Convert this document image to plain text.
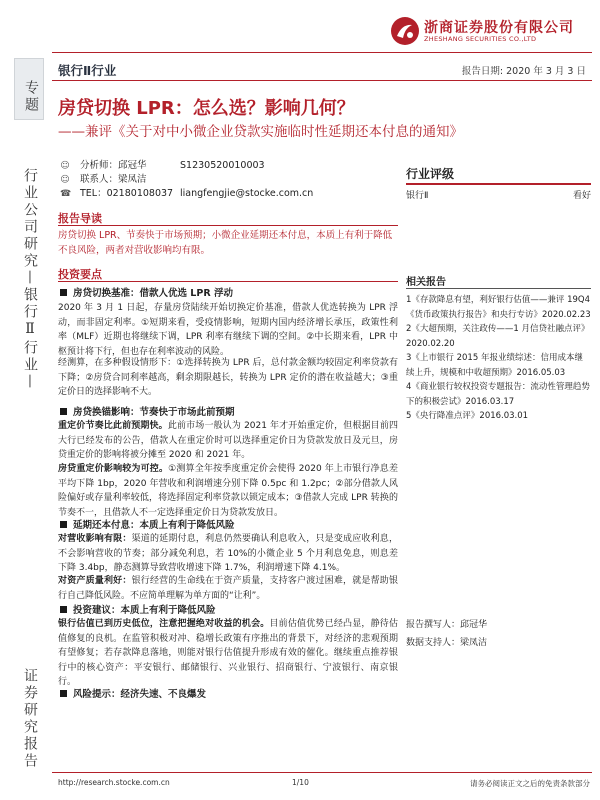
浙商证券股份有限公司
ZHESHANG SECURITIES CO.,LTD
专题
行业公司研究—银行Ⅱ行业—
证券研究报告
银行Ⅱ行业	报告日期: 2020 年 3 月 3 日
房贷切换 LPR：怎么选？影响几何？
——兼评《关于对中小微企业贷款实施临时性延期还本付息的通知》
☺ 分析师：邱冠华	S1230520010003
☺ 联系人：梁凤洁
☎ TEL：02180108037 liangfengjie@stocke.com.cn
报告导读
房贷切换 LPR、节奏快于市场预期；小微企业延期还本付息，本质上有利于降低不良风险，两者对营收影响均有限。
投资要点
房贷切换基准：借款人优选 LPR 浮动
2020 年 3 月 1 日起，存量房贷陆续开始切换定价基准，借款人优选转换为 LPR 浮动，而非固定利率。①短期来看，受疫情影响，短期内国内经济增长承压，政策性利率（MLF）近期也将继续下调，LPR 利率有继续下调的空间。②中长期来看，LPR 中枢预计将下行，但也存在利率波动的风险。
经测算，在多种假设情形下：①选择转换为 LPR 后，总付款金额均较固定利率贷款有下降；②房贷合同利率越高，剩余期限越长，转换为 LPR 定价的潜在收益越大；③重定价日的选择影响不大。
房贷换锚影响：节奏快于市场此前预期
重定价节奏比此前预期快。此前市场一般认为 2021 年才开始重定价，但根据目前四大行已经发布的公告，借款人在重定价时可以选择重定价日为贷款发放日及元旦，房贷重定价的影响将被分摊至 2020 和 2021 年。
房贷重定价影响较为可控。①测算全年按季度重定价会使得 2020 年上市银行净息差平均下降 1bp，2020 年营收和利润增速分别下降 0.5pc 和 1.2pc；②部分借款人风险偏好或存量利率较低，将选择固定利率贷款以锁定成本；③借款人完成 LPR 转换的节奏不一，且借款人不一定选择重定价日为贷款发放日。
延期还本付息：本质上有利于降低风险
对营收影响有限：渠道的延期付息，利息仍然要确认利息收入，只是变成应收利息，不会影响营收的节奏；部分减免利息，若 10%的小微企业 5 个月利息免息，则息差下降 3.4bp，静态测算导致营收增速下降 1.7%，利润增速下降 4.1%。
对资产质量利好：银行经营的生命线在于资产质量，支持客户渡过困难，就是帮助银行自己降低风险。不应简单理解为单方面的“让利”。
投资建议：本质上有利于降低风险
银行估值已到历史低位，注意把握绝对收益的机会。目前估值优势已经凸显，静待估值修复的良机。在监管积极对冲、稳增长政策有序推出的背景下，对经济的悲观预期有望修复；若存款降息落地，则能对银行估值提升形成有效的催化。继续重点推荐银行中的核心资产：平安银行、邮储银行、兴业银行、招商银行、宁波银行、南京银行。
风险提示：经济失速、不良爆发
行业评级
银行Ⅱ	看好
相关报告
1《存款降息有望，利好银行估值——兼评 19Q4《货币政策执行报告》和央行专访》2020.02.23
2《大超预期，关注政传——1 月信贷社融点评》2020.02.20
3《上市银行 2015 年报业绩综述：信用成本继续上升，规模和中收超预期》2016.05.03
4《商业银行较权投资专题报告：流动性管理趋势下的积极尝试》2016.03.17
5《央行降准点评》2016.03.01
报告撰写人：邱冠华
数据支持人：梁凤洁
http://research.stocke.com.cn	1/10	请务必阅读正文之后的免责条款部分
